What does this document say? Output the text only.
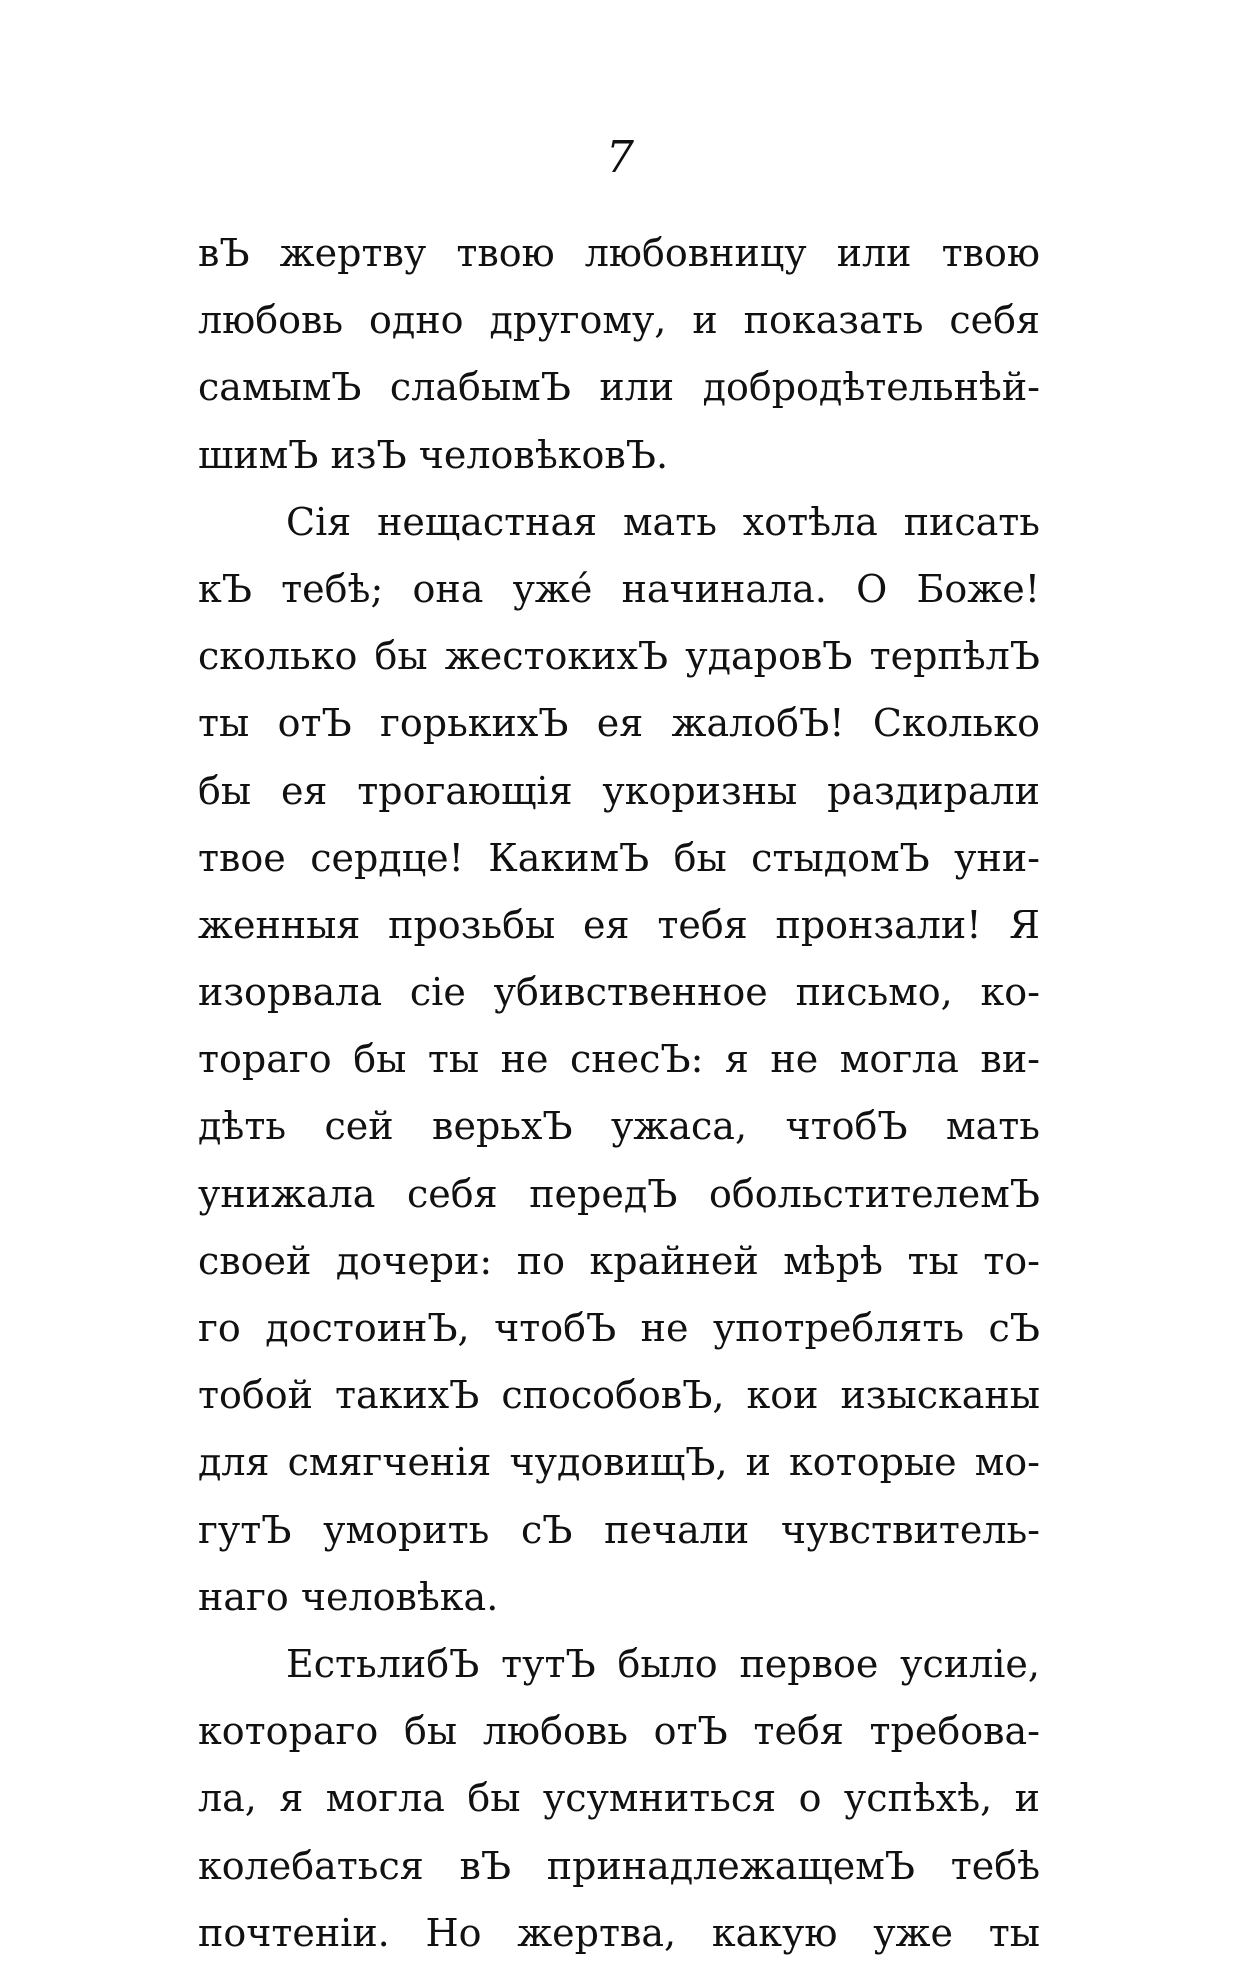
7
вЪ жертву твою любовницу или твою
любовь одно другому, и показать себя
самымЪ слабымЪ или добродѣтельнѣй-
шимЪ изЪ человѣковЪ.
Сія нещастная мать хотѣла писать
кЪ тебѣ; она ужé начинала. О Боже!
сколько бы жестокихЪ ударовЪ терпѣлЪ
ты отЪ горькихЪ ея жалобЪ! Сколько
бы ея трогающія укоризны раздирали
твое сердце! КакимЪ бы стыдомЪ уни-
женныя прозьбы ея тебя пронзали! Я
изорвала сіе убивственное письмо, ко-
тораго бы ты не снесЪ: я не могла ви-
дѣть сей верьхЪ ужаса, чтобЪ мать
унижала себя передЪ обольстителемЪ
своей дочери: по крайней мѣрѣ ты то-
го достоинЪ, чтобЪ не употреблять сЪ
тобой такихЪ способовЪ, кои изысканы
для смягченія чудовищЪ, и которые мо-
гутЪ уморить сЪ печали чувствитель-
наго человѣка.
ЕстьлибЪ тутЪ было первое усиліе,
котораго бы любовь отЪ тебя требова-
ла, я могла бы усумниться о успѣхѣ, и
колебаться вЪ принадлежащемЪ тебѣ
почтеніи. Но жертва, какую уже ты
